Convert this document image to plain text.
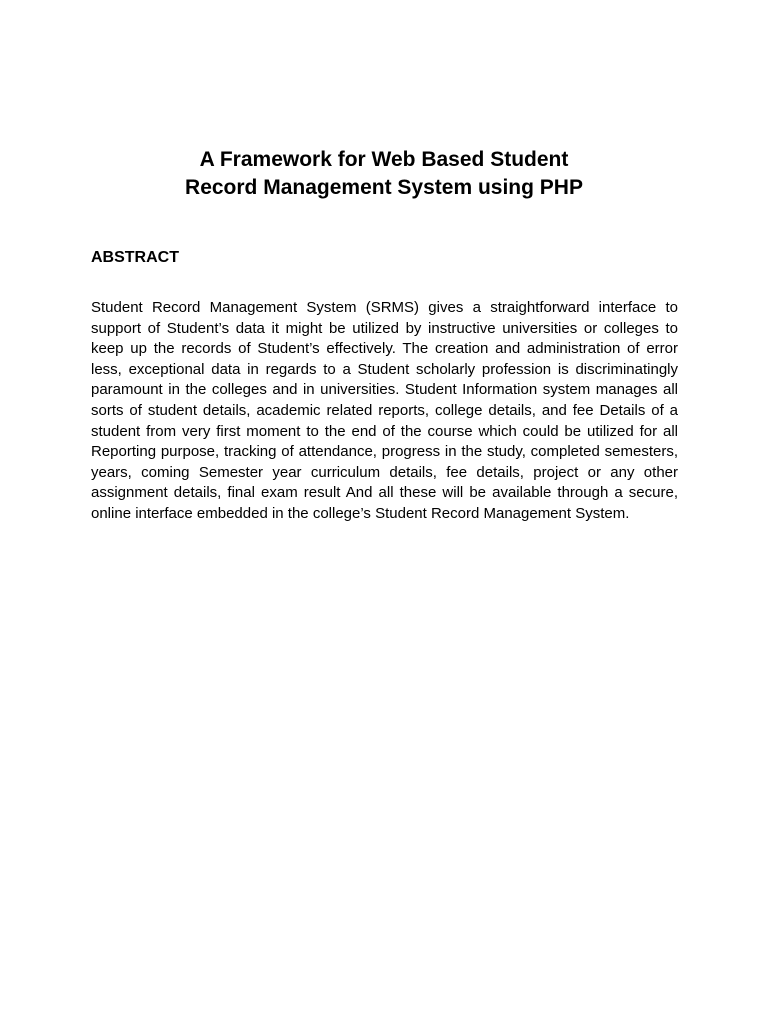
A Framework for Web Based Student
Record Management System using PHP
ABSTRACT
Student Record Management System (SRMS) gives a straightforward interface to
support of Student’s data it might be utilized by instructive universities or colleges to
keep up the records of Student’s effectively. The creation and administration of error
less, exceptional data in regards to a Student scholarly profession is discriminatingly
paramount in the colleges and in universities. Student Information system manages all
sorts of student details, academic related reports, college details, and fee Details of a
student from very first moment to the end of the course which could be utilized for all
Reporting purpose, tracking of attendance, progress in the study, completed semesters,
years, coming Semester year curriculum details, fee details, project or any other
assignment details, final exam result And all these will be available through a secure,
online interface embedded in the college’s Student Record Management System.
